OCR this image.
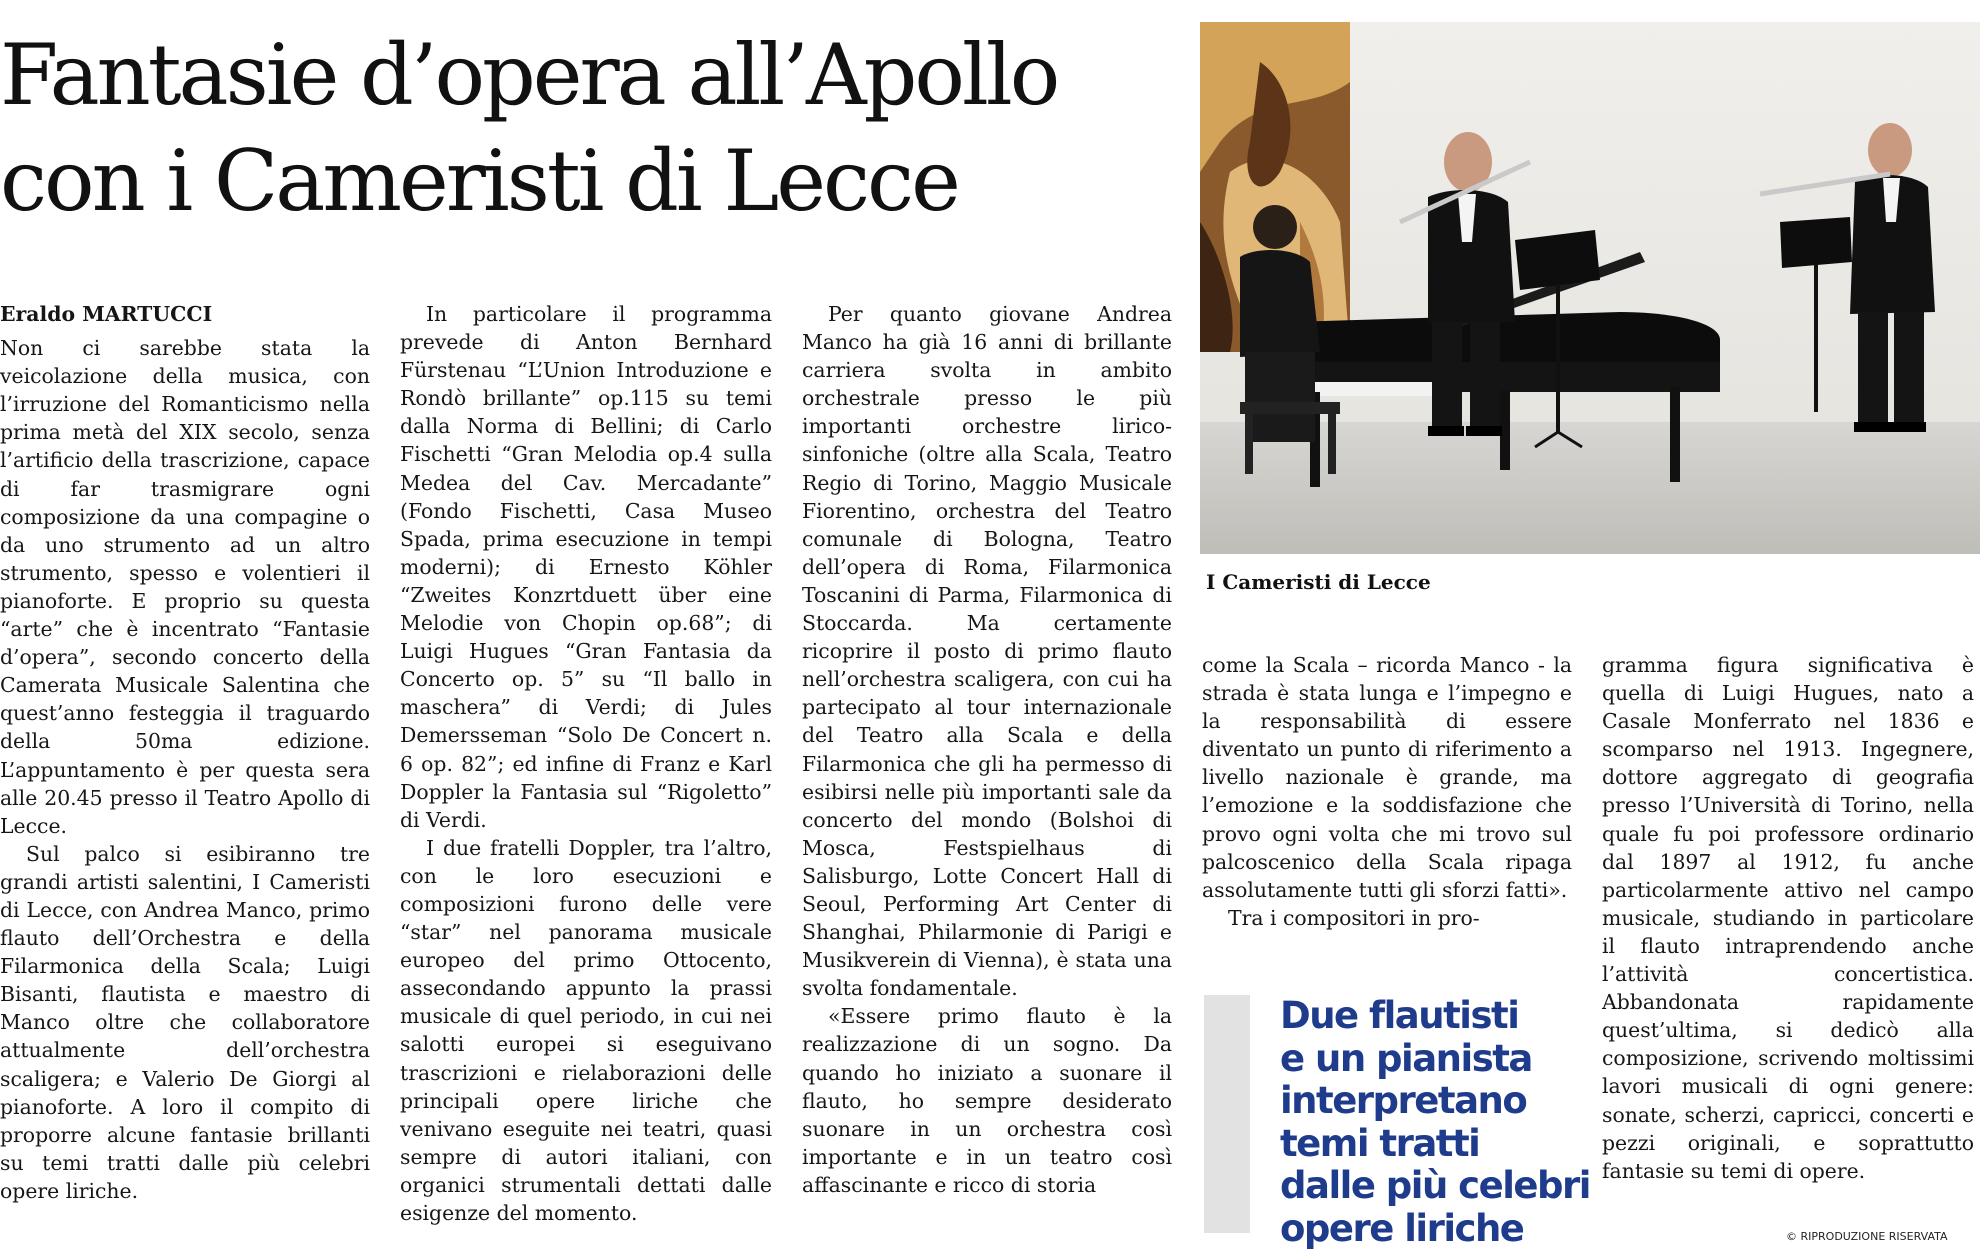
Fantasie d’opera all’Apollo
con i Cameristi di Lecce

Eraldo MARTUCCI

Non ci sarebbe stata la veicolazione della musica, con l’irruzione del Romanticismo nella prima metà del XIX secolo, senza l’artificio della trascrizione, capace di far trasmigrare ogni composizione da una compagine o da uno strumento ad un altro strumento, spesso e volentieri il pianoforte. E proprio su questa “arte” che è incentrato “Fantasie d’opera”, secondo concerto della Camerata Musicale Salentina che quest’anno festeggia il traguardo della 50ma edizione. L’appuntamento è per questa sera alle 20.45 presso il Teatro Apollo di Lecce.

Sul palco si esibiranno tre grandi artisti salentini, I Cameristi di Lecce, con Andrea Manco, primo flauto dell’Orchestra e della Filarmonica della Scala; Luigi Bisanti, flautista e maestro di Manco oltre che collaboratore attualmente dell’orchestra scaligera; e Valerio De Giorgi al pianoforte. A loro il compito di proporre alcune fantasie brillanti su temi tratti dalle più celebri opere liriche.

In particolare il programma prevede di Anton Bernhard Fürstenau “L’Union Introduzione e Rondò brillante” op.115 su temi dalla Norma di Bellini; di Carlo Fischetti “Gran Melodia op.4 sulla Medea del Cav. Mercadante” (Fondo Fischetti, Casa Museo Spada, prima esecuzione in tempi moderni); di Ernesto Köhler “Zweites Konzrtduett über eine Melodie von Chopin op.68”; di Luigi Hugues “Gran Fantasia da Concerto op. 5” su “Il ballo in maschera” di Verdi; di Jules Demersseman “Solo De Concert n. 6 op. 82”; ed infine di Franz e Karl Doppler la Fantasia sul “Rigoletto” di Verdi.

I due fratelli Doppler, tra l’altro, con le loro esecuzioni e composizioni furono delle vere “star” nel panorama musicale europeo del primo Ottocento, assecondando appunto la prassi musicale di quel periodo, in cui nei salotti europei si eseguivano trascrizioni e rielaborazioni delle principali opere liriche che venivano eseguite nei teatri, quasi sempre di autori italiani, con organici strumentali dettati dalle esigenze del momento.

Per quanto giovane Andrea Manco ha già 16 anni di brillante carriera svolta in ambito orchestrale presso le più importanti orchestre lirico-sinfoniche (oltre alla Scala, Teatro Regio di Torino, Maggio Musicale Fiorentino, orchestra del Teatro comunale di Bologna, Teatro dell’opera di Roma, Filarmonica Toscanini di Parma, Filarmonica di Stoccarda. Ma certamente ricoprire il posto di primo flauto nell’orchestra scaligera, con cui ha partecipato al tour internazionale del Teatro alla Scala e della Filarmonica che gli ha permesso di esibirsi nelle più importanti sale da concerto del mondo (Bolshoi di Mosca, Festspielhaus di Salisburgo, Lotte Concert Hall di Seoul, Performing Art Center di Shanghai, Philarmonie di Parigi e Musikverein di Vienna), è stata una svolta fondamentale.

«Essere primo flauto è la realizzazione di un sogno. Da quando ho iniziato a suonare il flauto, ho sempre desiderato suonare in un orchestra così importante e in un teatro così affascinante e ricco di storia

I Cameristi di Lecce

come la Scala – ricorda Manco - la strada è stata lunga e l’impegno e la responsabilità di essere diventato un punto di riferimento a livello nazionale è grande, ma l’emozione e la soddisfazione che provo ogni volta che mi trovo sul palcoscenico della Scala ripaga assolutamente tutti gli sforzi fatti».

Tra i compositori in pro-

Due flautisti
e un pianista
interpretano
temi tratti
dalle più celebri
opere liriche

gramma figura significativa è quella di Luigi Hugues, nato a Casale Monferrato nel 1836 e scomparso nel 1913. Ingegnere, dottore aggregato di geografia presso l’Università di Torino, nella quale fu poi professore ordinario dal 1897 al 1912, fu anche particolarmente attivo nel campo musicale, studiando in particolare il flauto intraprendendo anche l’attività concertistica. Abbandonata rapidamente quest’ultima, si dedicò alla composizione, scrivendo moltissimi lavori musicali di ogni genere: sonate, scherzi, capricci, concerti e pezzi originali, e soprattutto fantasie su temi di opere.

© RIPRODUZIONE RISERVATA
